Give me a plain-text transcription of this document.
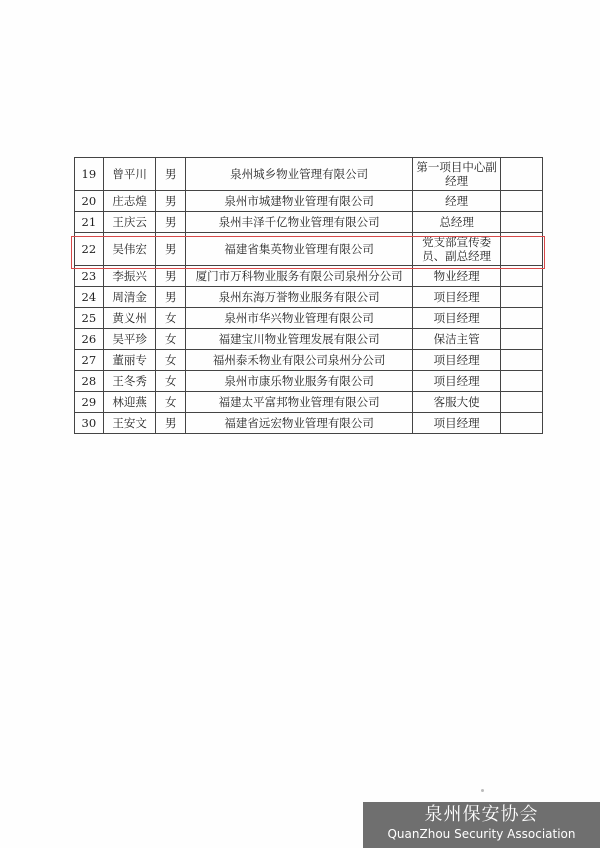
19	曾平川	男	泉州城乡物业管理有限公司	第一项目中心副经理	
20	庄志煌	男	泉州市城建物业管理有限公司	经理	
21	王庆云	男	泉州丰泽千亿物业管理有限公司	总经理	
22	吴伟宏	男	福建省集英物业管理有限公司	党支部宣传委员、副总经理	
23	李振兴	男	厦门市万科物业服务有限公司泉州分公司	物业经理	
24	周清金	男	泉州东海万誉物业服务有限公司	项目经理	
25	黄义州	女	泉州市华兴物业管理有限公司	项目经理	
26	吴平珍	女	福建宝川物业管理发展有限公司	保洁主管	
27	董丽专	女	福州泰禾物业有限公司泉州分公司	项目经理	
28	王冬秀	女	泉州市康乐物业服务有限公司	项目经理	
29	林迎燕	女	福建太平富邦物业管理有限公司	客服大使	
30	王安文	男	福建省远宏物业管理有限公司	项目经理	
泉州保安协会
QuanZhou Security Association
